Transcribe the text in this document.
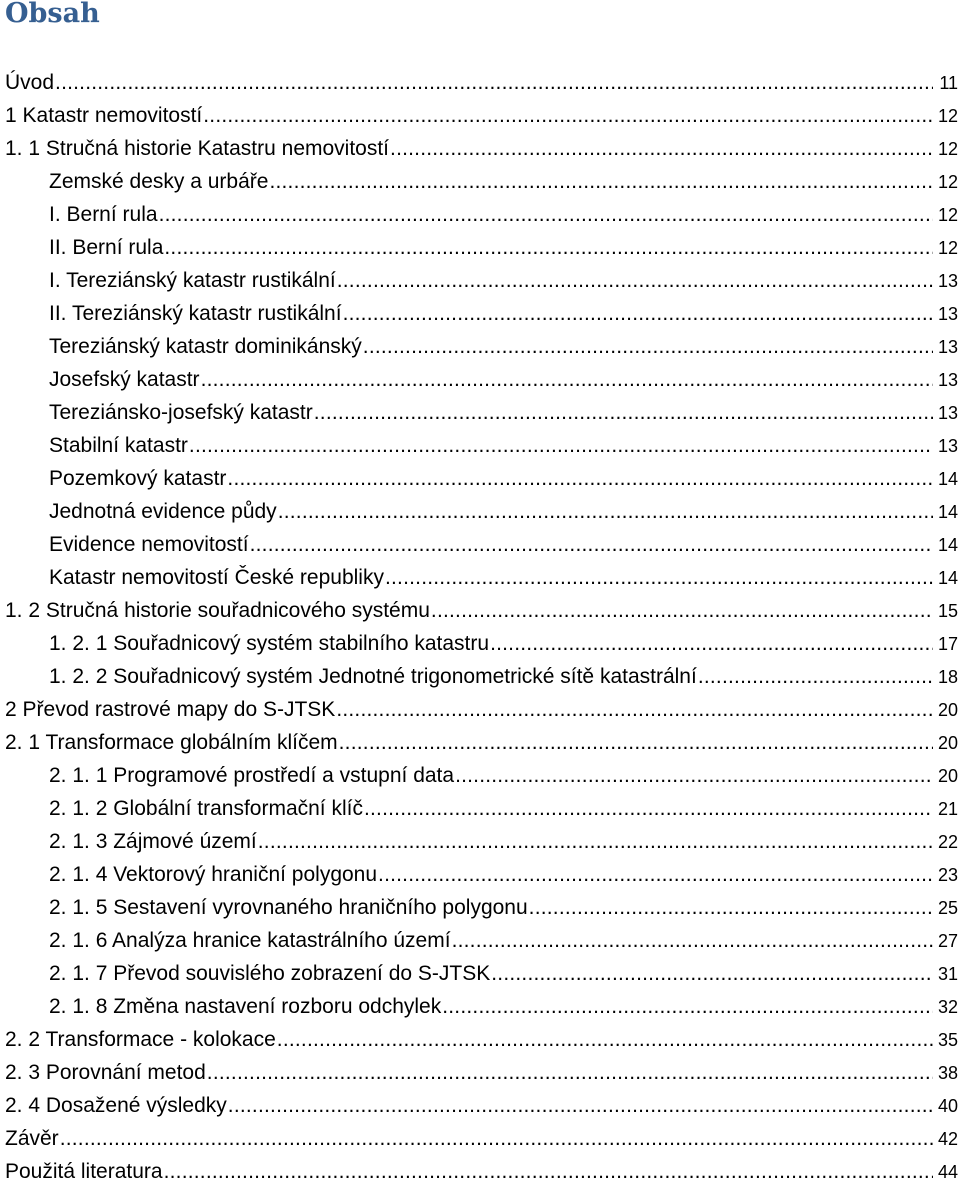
Obsah
Úvod .....	11
1 Katastr nemovitostí .....	12
1. 1 Stručná historie Katastru nemovitostí .....	12
Zemské desky a urbáře .....	12
I. Berní rula .....	12
II. Berní rula .....	12
I. Tereziánský katastr rustikální .....	13
II. Tereziánský katastr rustikální .....	13
Tereziánský katastr dominikánský .....	13
Josefský katastr .....	13
Tereziánsko-josefský katastr .....	13
Stabilní katastr .....	13
Pozemkový katastr .....	14
Jednotná evidence půdy .....	14
Evidence nemovitostí .....	14
Katastr nemovitostí České republiky .....	14
1. 2 Stručná historie souřadnicového systému .....	15
1. 2. 1 Souřadnicový systém stabilního katastru .....	17
1. 2. 2 Souřadnicový systém Jednotné trigonometrické sítě katastrální .....	18
2 Převod rastrové mapy do S-JTSK .....	20
2. 1 Transformace globálním klíčem .....	20
2. 1. 1 Programové prostředí a vstupní data .....	20
2. 1. 2 Globální transformační klíč .....	21
2. 1. 3 Zájmové území .....	22
2. 1. 4 Vektorový hraniční polygonu .....	23
2. 1. 5 Sestavení vyrovnaného hraničního polygonu .....	25
2. 1. 6 Analýza hranice katastrálního území .....	27
2. 1. 7 Převod souvislého zobrazení do S-JTSK .....	31
2. 1. 8 Změna nastavení rozboru odchylek .....	32
2. 2 Transformace - kolokace .....	35
2. 3 Porovnání metod .....	38
2. 4 Dosažené výsledky .....	40
Závěr .....	42
Použitá literatura .....	44
